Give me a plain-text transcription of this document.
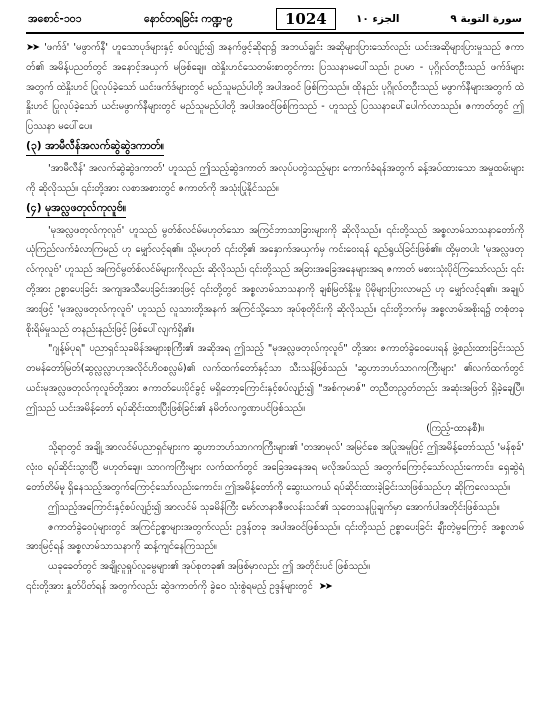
အစောင်-၁၀၁	နောင်တရခြင်း ကဏ္ဍ-၉	1024	الجزء ١٠	سورة التوبة ٩

➤➤ 'ဖက်ဒ်' 'မဖွာက်နီ' ဟူသောပုဒ်များနှင့် စပ်လျဉ်း၍ အနက်ဖွင့်ဆိုရာ၌ အဘယ်ချွင်း အဆိုများပြားသော်လည်း ယင်းအဆိုများပြားမှုသည် ဇကာတ်၏ အမိန့်ပညတ်တွင် အနောင့်အယှက် မဖြစ်ချေ။ ထဲနှိုးဟင်သေတမ်းစာတွင်ကား ပြဿနာမပေါ်သည်၊ ဥပမာ - ပုဂ္ဂိုလ်တဦးသည် ဖက်ဒ်များအတွက် ထဲနှိုးဟင် ပြုလုပ်ခဲ့သော် ယင်းဖက်ဒ်များတွင် မည်သူမည်ပါတို့ အပါအဝင် ဖြစ်ကြသည်။ ထိုနည်း ပုဂ္ဂိုလ်တဦးသည် မဖွာက်နီများအတွက် ထဲနှိုးဟင် ပြုလုပ်ခဲ့သော် ယင်းမဖွာက်နီများတွင် မည်သူမည်ပါတို့ အပါအဝင်ဖြစ်ကြသည် - ဟူသည့် ပြဿနာပေါ်ပေါက်လာသည်။ ဇကာတ်တွင် ဤပြဿနာ မပေါ်ပေ။

(၃) အာမီလီန်အလက်ဆွဲဆွဲဒကာတ်။

'အာမီလီန်' အလက်ဆွဲဆွဲဒကာတ်' ဟူသည် ဤသည့်ဆွဲဒကာတ် အလုပ်ပတွဲသည့်များ ကောက်ခံရန်အတွက် ခန့်အပ်ထားသော အမှုထမ်းများကို ဆိုလိုသည်။ ၎င်းတို့အား လစာအစားတွင် ဇကာတ်ကို အသုံးပြုနိုင်သည်။

(၄) မုအလ္လဖတုလ်ကုလူဗ်။

'မုအလ္လဖတုလ်ကုလူဗ်' ဟူသည် မွတ်စ်လင်မ်မဟုတ်သော အကြင်ဘာသာခြားများကို ဆိုလိုသည်။ ၎င်းတို့သည် အစ္စလာမ်သာသနာတော်ကို ယုံကြည်လက်ခံလာကြမည် ဟု မျှော်လင့်ရ၏။ သို့မဟုတ် ၎င်းတို့၏ အနှောက်အယှက်မှ ကင်းဝေးရန် ရည်ရွယ်ခြင်းဖြစ်၏။ ထို့မှတပါး 'မုအလ္လဖတုလ်ကုလူဗ်' ဟူသည် အကြင်မွတ်စ်လင်မ်များကိုလည်း ဆိုလိုသည်၊ ၎င်းတို့သည် အခြားအခြေအနေများအရ ဇကာတ် မစားသုံးပိုင်ကြသော်လည်း ၎င်းတို့အား ဥစ္စာပေးခြင်း အကျအသီပေးခြင်းအားဖြင့် ၎င်းတို့တွင် အစ္စလာမ်သာသနာကို ချစ်မြတ်နိုးမှု ပိုမိုများပြားလာမည် ဟု မျှော်လင့်ရ၏။ အချုပ်အားဖြင့် 'မုအလ္လဖတုလ်ကုလူဗ်' ဟူသည် လူသားတို့အနက် အကြင်သို့သော အုပ်စုတိုင်းကို ဆိုလိုသည်။ ၎င်းတို့ဘက်မှ အစ္စလာမ်အစိုးရ၌ တစုံတခု စိုးရိမ်မှုသည် တနည်းနည်းဖြင့် ဖြစ်ပေါ်လျက်ရှိ၏။

"ဂျန့်မ်ပုရ" ပညာရှင်သုခမိန်အများစုကြီး၏ အဆိုအရ ဤသည့် "မုအလ္လဖတုလ်ကုလူဗ်" တို့အား ဇကာတ်ခွဲဝေပေးရန် ဖွဲ့စည်းထားခြင်းသည် တမန်တော်မြတ်(ဆွလ္လလ္လာဟုအလိုင်ဟိဝစလ္လမ်)၏ လက်ထက်တော်နှင့်သာ သီးသန့်ဖြစ်သည်၊ 'ဆွဟာဘဟ်သာဂကကြီးများ' ၏လက်ထက်တွင် ယင်းမုအလ္လဖတုလ်ကုလူဗ်တို့အား ဇကာတ်ပေးပိုင်ခွင့် မရှိတော့ကြောင်းနှင့်စပ်လျဉ်း၍ "အစ်ကုမာဇ်" တညီတညွတ်တည်း အဆုံးအဖြတ် ရှိခဲ့ချေပြီ။ ဤသည် ယင်းအမိန့်တော် ရပ်ဆိုင်းထားပြီးဖြစ်ခြင်း၏ နမိတ်လက္ခဏာပင်ဖြစ်သည်။

(ကြည့်-ထာနစီ)။

သို့ရာတွင် အချို့ အာလင်မ်ပညာရှင်များက ဆွဟာဘဟ်သာဂကကြီးများ၏ 'တအာမုလ်' အမြင်စေ အပြုအမူဖြင့် ဤအမိန့်တော်သည် 'မန်စုခ်' လုံးဝ ရပ်ဆိုင်းသွားပြီ မဟုတ်ချေ။ သာဂကကြီးများ လက်ထက်တွင် အခြေအနေအရ မလိုအပ်သည် အတွက်ကြောင့်သော်လည်းကောင်း၊ ရှေဆွဲရံတော်တိမ်မူ ရှိနေသည့်အတွက်ကြောင့်သော်လည်းကောင်း၊ ဤအမိန့်တော်ကို ဆွေးယကယ် ရပ်ဆိုင်းထားခဲ့ခြင်းသာဖြစ်သည်ဟု ဆိုကြလေသည်။

ဤသည့်အကြောင်းနှင့်စပ်လျဉ်း၍ အာလင်မ် သုခမိန်ကြီး မော်လာနာဇီဖလန်းသင်၏ သုတေသနပြုချက်မှာ အောက်ပါအတိုင်းဖြစ်သည်။

ဇကာတ်ခွဲဝေပုံများတွင် အကြင်ဥစ္စာများအတွက်လည်း ဥဒ္ဒန်တခု အပါအဝင်ဖြစ်သည်။ ၎င်းတို့သည် ဥစ္စာပေးခြင်း ချီးတဲ့မွကြောင့် အစ္စလာမ် အားမြင့်ရန် အစ္စလာမ်သာသနာကို ဆန့်ကျင်နေကြသည်။

ယခုခေတ်တွင် အချို့လူရှုပ်လူမွေများ၏ အုပ်စုတခု၏ အဖြစ်မှာလည်း ဤ အတိုင်းပင် ဖြစ်သည်။

၎င်းတို့အား နှုတ်ပိတ်ရန် အတွက်လည်း ဆွဲဒကာတ်ကို ခွဲဝေ သုံးစွဲရမည့် ဥဒ္ဒန်များတွင် ➤➤
